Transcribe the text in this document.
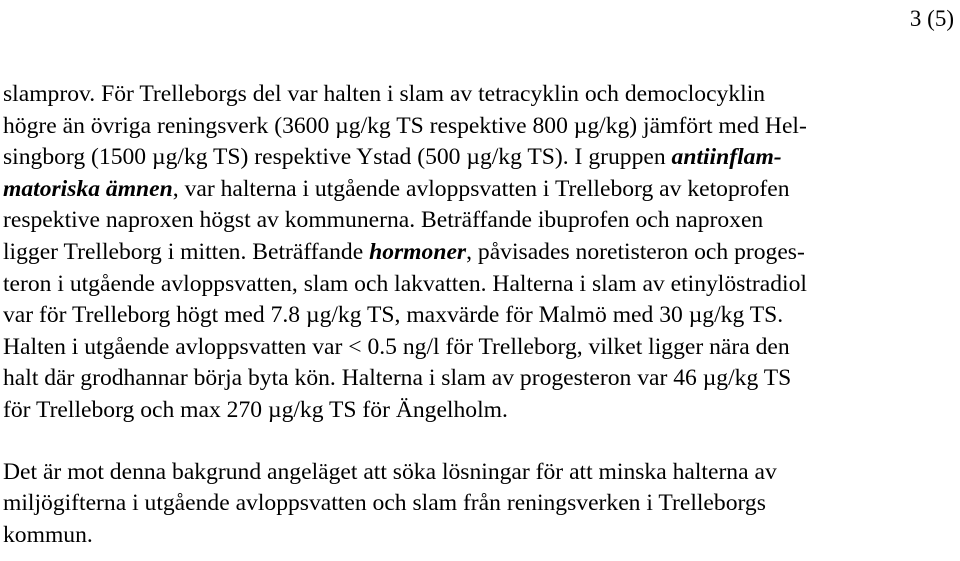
3 (5)

slamprov. För Trelleborgs del var halten i slam av tetracyklin och democlocyklin
högre än övriga reningsverk (3600 µg/kg TS respektive 800 µg/kg) jämfört med Hel-
singborg (1500 µg/kg TS) respektive Ystad (500 µg/kg TS). I gruppen antiinflam-
matoriska ämnen, var halterna i utgående avloppsvatten i Trelleborg av ketoprofen
respektive naproxen högst av kommunerna. Beträffande ibuprofen och naproxen
ligger Trelleborg i mitten. Beträffande hormoner, påvisades noretisteron och proges-
teron i utgående avloppsvatten, slam och lakvatten. Halterna i slam av etinylöstradiol
var för Trelleborg högt med 7.8 µg/kg TS, maxvärde för Malmö med 30 µg/kg TS.
Halten i utgående avloppsvatten var < 0.5 ng/l för Trelleborg, vilket ligger nära den
halt där grodhannar börja byta kön. Halterna i slam av progesteron var 46 µg/kg TS
för Trelleborg och max 270 µg/kg TS för Ängelholm.

Det är mot denna bakgrund angeläget att söka lösningar för att minska halterna av
miljögifterna i utgående avloppsvatten och slam från reningsverken i Trelleborgs
kommun.
